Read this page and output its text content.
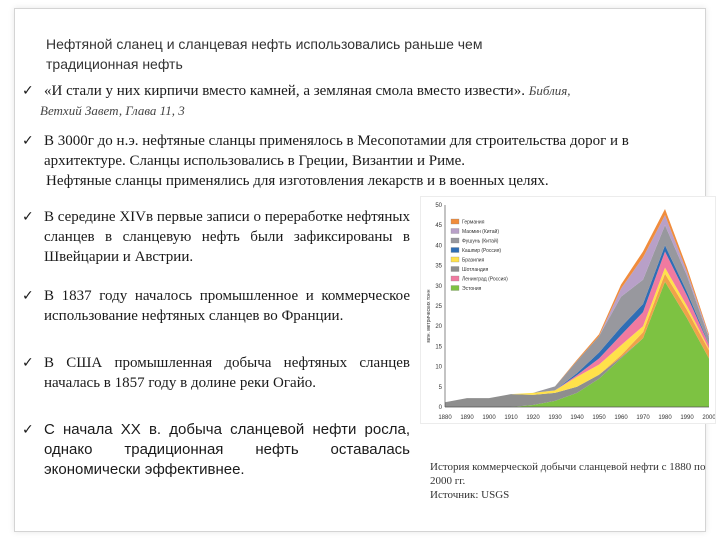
Нефтяной сланец и сланцевая нефть использовались раньше чем
традиционная нефть
✓ «И стали у них кирпичи вместо камней, а земляная смола вместо извести». Библия,
Ветхий Завет, Глава 11, 3
✓ В 3000г до н.э. нефтяные сланцы применялось в Месопотамии для строительства дорог и в
архитектуре. Сланцы использовались в Греции, Византии и Риме.
Нефтяные сланцы применялись для изготовления лекарств и в военных целях.
✓ В середине XIVв первые записи о переработке нефтяных сланцев в сланцевую нефть были зафиксированы в Швейцарии и Австрии.
✓ В 1837 году началось промышленное и коммерческое использование нефтяных сланцев во Франции.
✓ В США промышленная добыча нефтяных сланцев началась в 1857 году в долине реки Огайо.
✓ С начала XX в. добыча сланцевой нефти росла, однако традиционная нефть оставалась экономически эффективнее.
1880 1890 1900 1910 1920 1930 1940 1950 1960 1970 1980 1990 2000
0
5
10
15
20
25
30
35
40
45
50
Германия
Маомин (Китай)
Фушунь (Китай)
Кашпир (Россия)
Бразилия
Шотландия
Ленинград (Россия)
Эстония
млн. метрических тонн
История коммерческой добычи сланцевой нефти с 1880 по 2000 гг.
Источник: USGS
